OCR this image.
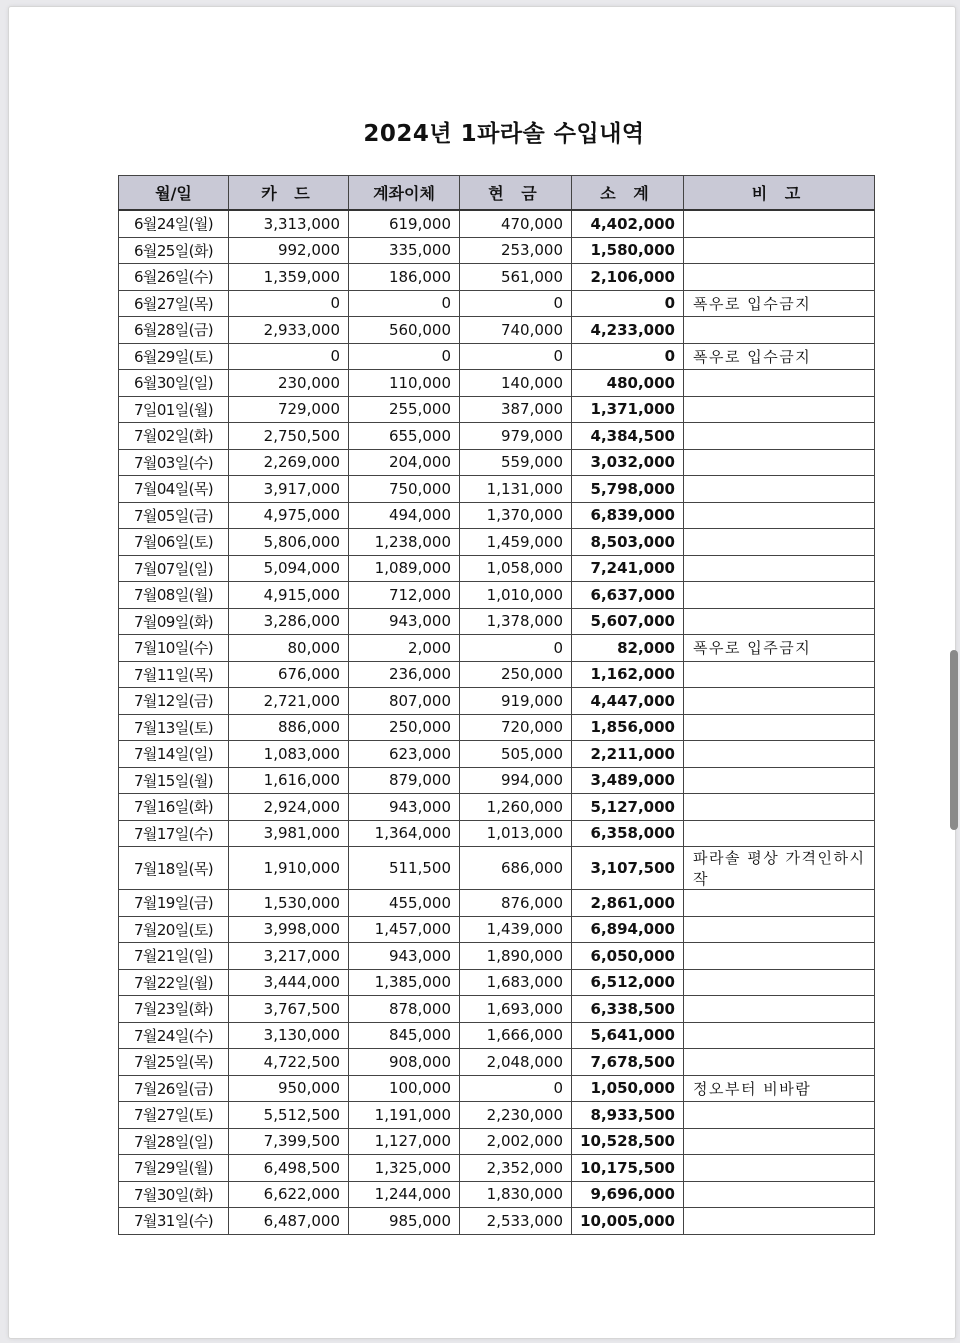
2024년 1파라솔 수입내역
월/일	카 드	계좌이체	현 금	소 계	비 고
6월24일(월)	3,313,000	619,000	470,000	4,402,000	
6월25일(화)	992,000	335,000	253,000	1,580,000	
6월26일(수)	1,359,000	186,000	561,000	2,106,000	
6월27일(목)	0	0	0	0	폭우로 입수금지
6월28일(금)	2,933,000	560,000	740,000	4,233,000	
6월29일(토)	0	0	0	0	폭우로 입수금지
6월30일(일)	230,000	110,000	140,000	480,000	
7일01일(월)	729,000	255,000	387,000	1,371,000	
7월02일(화)	2,750,500	655,000	979,000	4,384,500	
7월03일(수)	2,269,000	204,000	559,000	3,032,000	
7월04일(목)	3,917,000	750,000	1,131,000	5,798,000	
7월05일(금)	4,975,000	494,000	1,370,000	6,839,000	
7월06일(토)	5,806,000	1,238,000	1,459,000	8,503,000	
7월07일(일)	5,094,000	1,089,000	1,058,000	7,241,000	
7월08일(월)	4,915,000	712,000	1,010,000	6,637,000	
7월09일(화)	3,286,000	943,000	1,378,000	5,607,000	
7월10일(수)	80,000	2,000	0	82,000	폭우로 입주금지
7월11일(목)	676,000	236,000	250,000	1,162,000	
7월12일(금)	2,721,000	807,000	919,000	4,447,000	
7월13일(토)	886,000	250,000	720,000	1,856,000	
7월14일(일)	1,083,000	623,000	505,000	2,211,000	
7월15일(월)	1,616,000	879,000	994,000	3,489,000	
7월16일(화)	2,924,000	943,000	1,260,000	5,127,000	
7월17일(수)	3,981,000	1,364,000	1,013,000	6,358,000	
7월18일(목)	1,910,000	511,500	686,000	3,107,500	파라솔 평상 가격인하시작
7월19일(금)	1,530,000	455,000	876,000	2,861,000	
7월20일(토)	3,998,000	1,457,000	1,439,000	6,894,000	
7월21일(일)	3,217,000	943,000	1,890,000	6,050,000	
7월22일(월)	3,444,000	1,385,000	1,683,000	6,512,000	
7월23일(화)	3,767,500	878,000	1,693,000	6,338,500	
7월24일(수)	3,130,000	845,000	1,666,000	5,641,000	
7월25일(목)	4,722,500	908,000	2,048,000	7,678,500	
7월26일(금)	950,000	100,000	0	1,050,000	정오부터 비바람
7월27일(토)	5,512,500	1,191,000	2,230,000	8,933,500	
7월28일(일)	7,399,500	1,127,000	2,002,000	10,528,500	
7월29일(월)	6,498,500	1,325,000	2,352,000	10,175,500	
7월30일(화)	6,622,000	1,244,000	1,830,000	9,696,000	
7월31일(수)	6,487,000	985,000	2,533,000	10,005,000	
